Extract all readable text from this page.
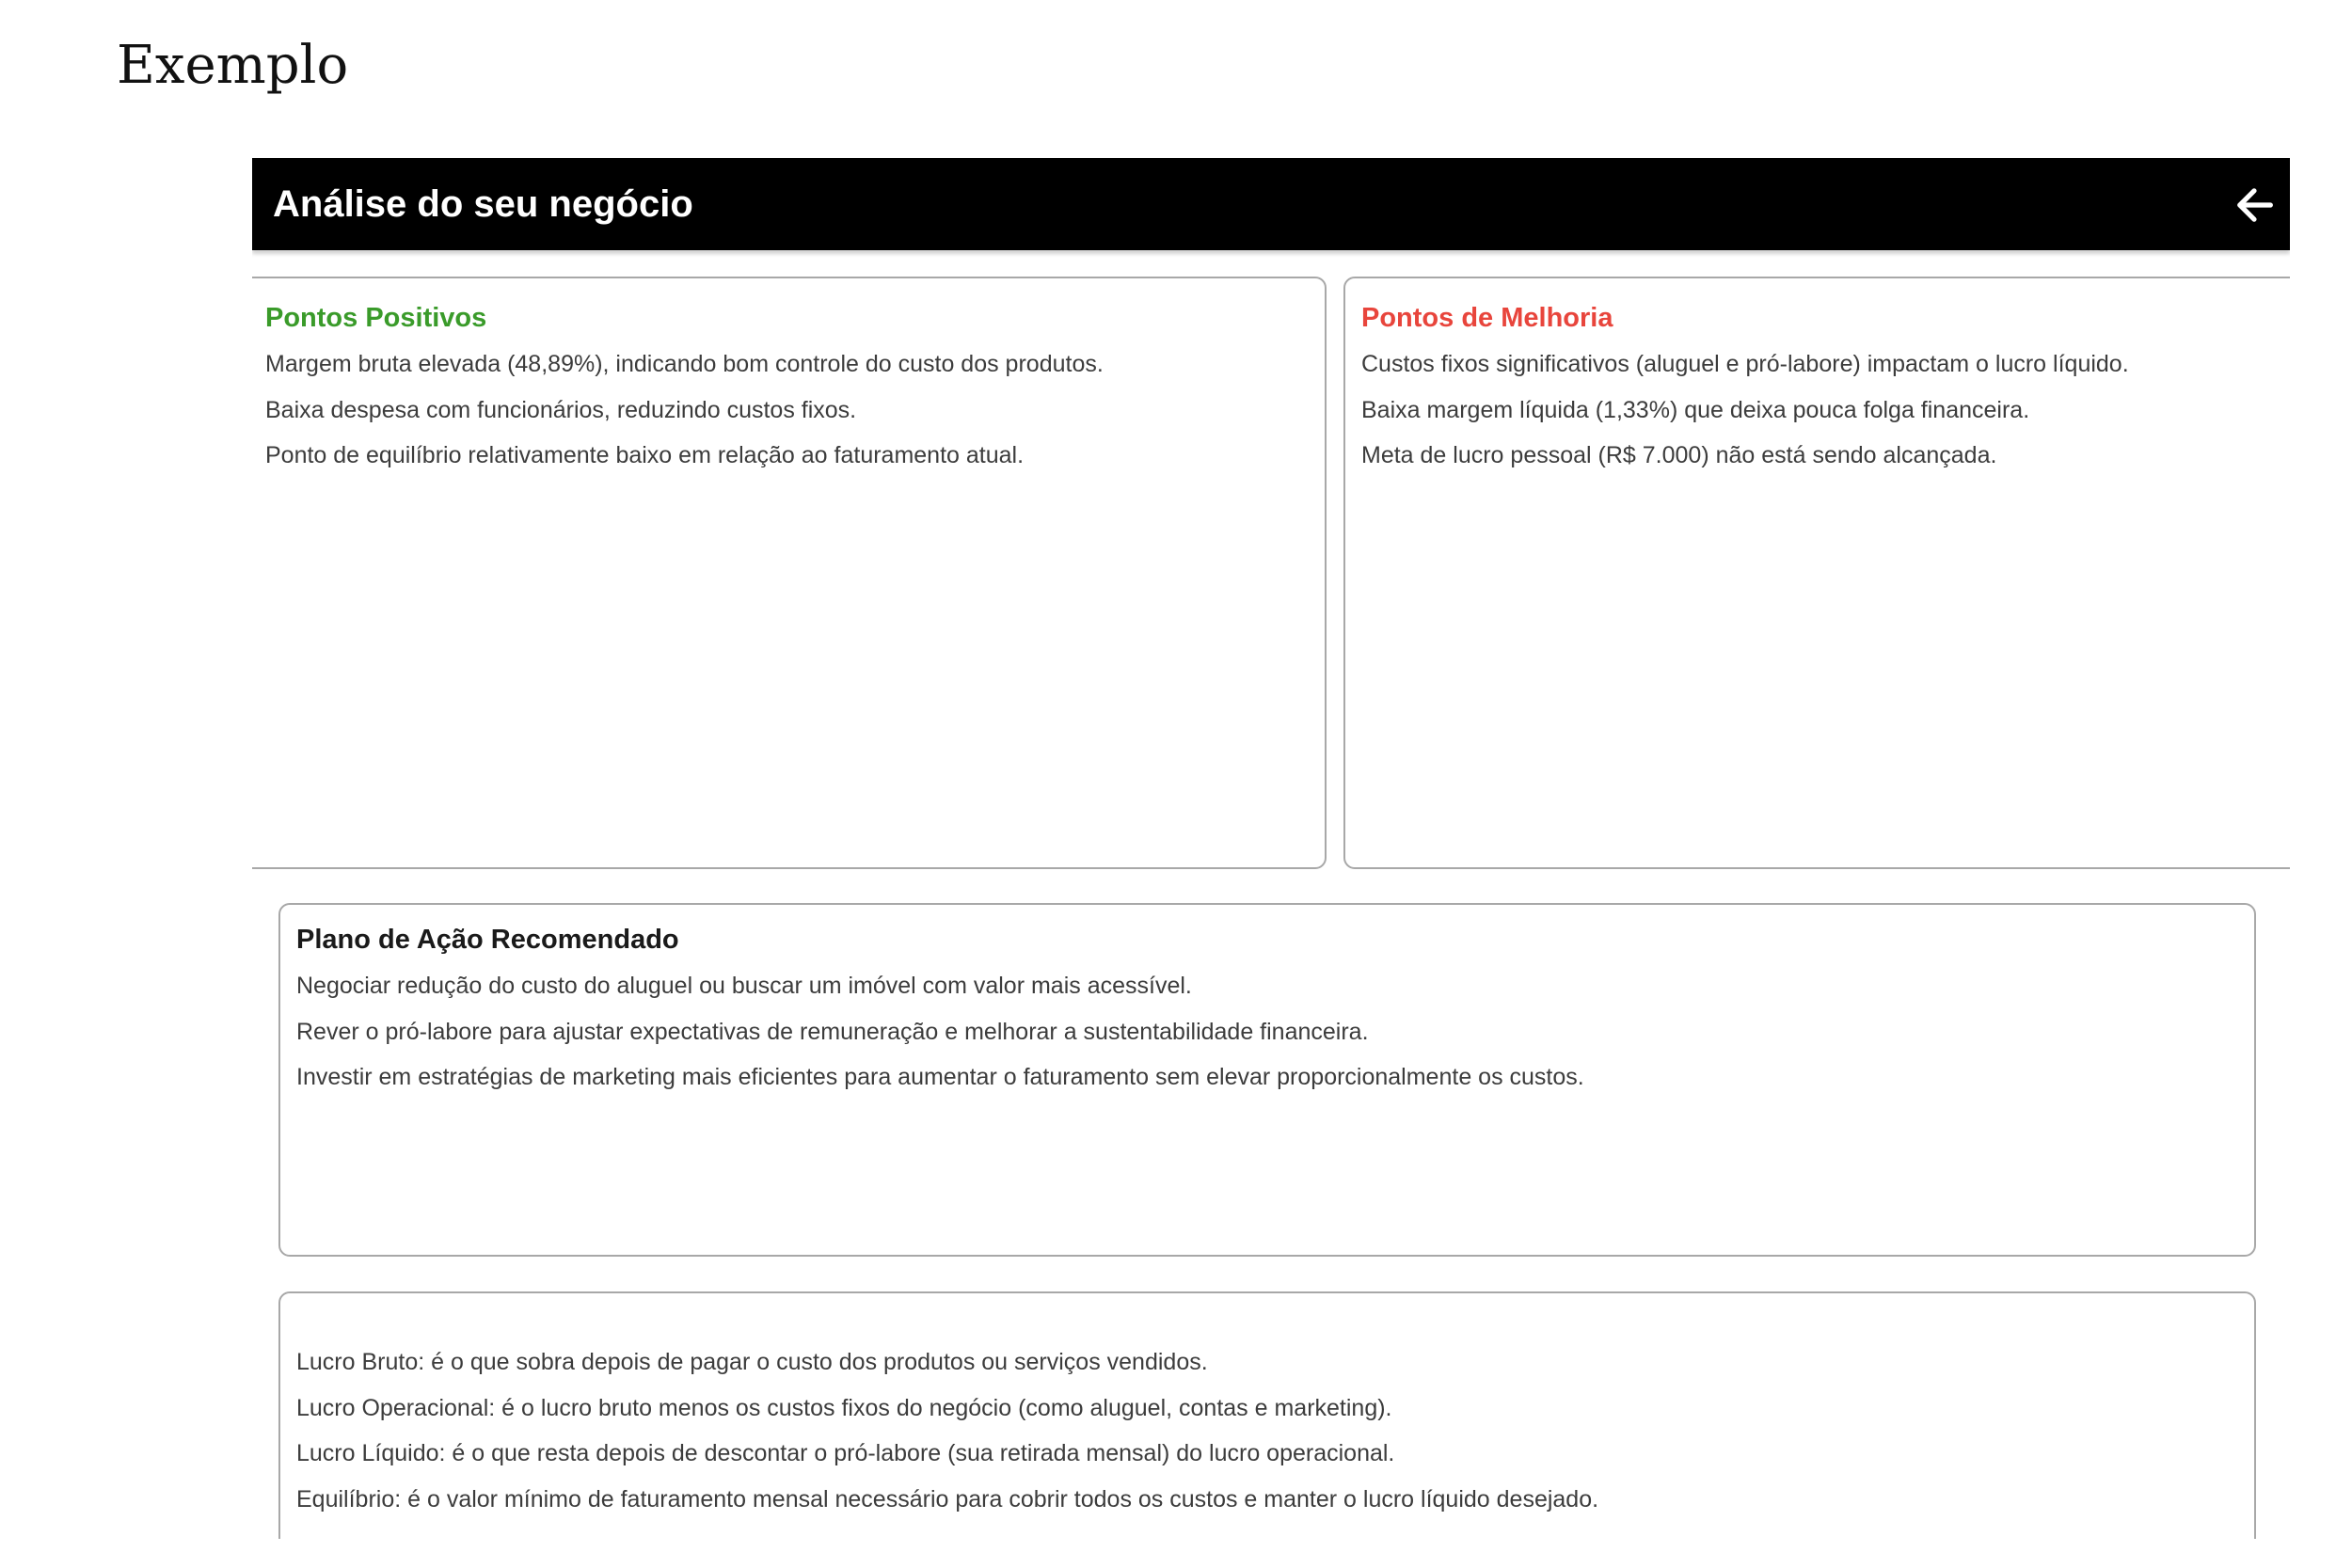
Exemplo
Análise do seu negócio
Pontos Positivos
Margem bruta elevada (48,89%), indicando bom controle do custo dos produtos.
Baixa despesa com funcionários, reduzindo custos fixos.
Ponto de equilíbrio relativamente baixo em relação ao faturamento atual.
Pontos de Melhoria
Custos fixos significativos (aluguel e pró-labore) impactam o lucro líquido.
Baixa margem líquida (1,33%) que deixa pouca folga financeira.
Meta de lucro pessoal (R$ 7.000) não está sendo alcançada.
Plano de Ação Recomendado
Negociar redução do custo do aluguel ou buscar um imóvel com valor mais acessível.
Rever o pró-labore para ajustar expectativas de remuneração e melhorar a sustentabilidade financeira.
Investir em estratégias de marketing mais eficientes para aumentar o faturamento sem elevar proporcionalmente os custos.
Lucro Bruto: é o que sobra depois de pagar o custo dos produtos ou serviços vendidos.
Lucro Operacional: é o lucro bruto menos os custos fixos do negócio (como aluguel, contas e marketing).
Lucro Líquido: é o que resta depois de descontar o pró-labore (sua retirada mensal) do lucro operacional.
Equilíbrio: é o valor mínimo de faturamento mensal necessário para cobrir todos os custos e manter o lucro líquido desejado.
